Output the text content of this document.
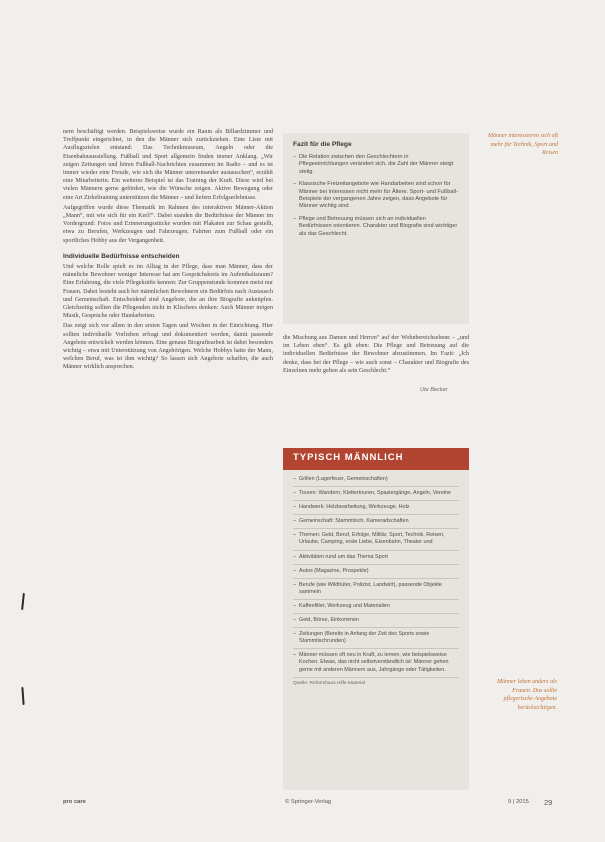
nern beschäftigt werden. Beispielsweise wurde ein Raum als Billardzimmer und Treffpunkt eingerichtet, in den die Männer sich zurückziehen. Eine Liste mit Ausflugszielen entstand: Das Technikmuseum, Angeln oder die Eisenbahnausstellung. Fußball und Sport allgemein finden immer Anklang. „Wir zeigen Zeitungen und hören Fußball-Nachrichten zusammen im Radio – und es ist immer wieder eine Freude, wie sich die Männer untereinander austauschen“, erzählt eine Mitarbeiterin. Ein weiteres Beispiel ist das Training der Kraft. Diese wird bei vielen Männern gerne gefördert, wie die Wünsche zeigen. Aktive Bewegung oder eine Art Zirkeltraining unterstützen die Männer – und liefern Erfolgserlebnisse.

Aufgegriffen wurde diese Thematik im Rahmen des interaktiven Männer-Aktion „Mann“, mit wie sich für ein Kerl!“. Dabei standen die Bedürfnisse der Männer im Vordergrund: Fotos und Erinnerungsstücke wurden mit Plakaten zur Schau gestellt, etwa zu Berufen, Werkzeugen und Fahrzeugen. Fahrten zum Fußball oder ein sportliches Hobby aus der Vergangenheit.

Individuelle Bedürfnisse entscheiden

Und welche Rolle spielt es im Alltag in der Pflege, dass man Männer, dass der männliche Bewohner weniger Interesse hat am Gesprächskreis im Aufenthaltsraum? Eine Erfahrung, die viele Pflegekräfte kennen: Zur Gruppenstunde kommen meist nur Frauen. Dabei besteht auch bei männlichen Bewohnern ein Bedürfnis nach Austausch und Gemeinschaft. Entscheidend sind Angebote, die an ihre Biografie anknüpfen. Gleichzeitig sollten die Pflegenden nicht in Klischees denken: Auch Männer mögen Musik, Gespräche oder Handarbeiten.

Das zeigt sich vor allem in den ersten Tagen und Wochen in der Einrichtung. Hier sollten individuelle Vorlieben erfragt und dokumentiert werden, damit passende Angebote entwickelt werden können. Eine genaue Biografiearbeit ist dabei besonders wichtig – etwa mit Unterstützung von Angehörigen. Welche Hobbys hatte der Mann, welchen Beruf, was ist ihm wichtig? So lassen sich Angebote schaffen, die auch Männer wirklich ansprechen.

Fazit für die Pflege
– Die Relation zwischen den Geschlechtern in Pflegeeinrichtungen verändert sich, die Zahl der Männer steigt stetig.
– Klassische Freizeitangebote wie Handarbeiten sind schon für Männer bei Interessen nicht mehr für Ältere. Sport- und Fußball-Beispiele der vergangenen Jahre zeigen, dass Angebote für Männer wichtig sind.
– Pflege und Betreuung müssen sich an individuellen Bedürfnissen orientieren. Charakter und Biografie sind wichtiger als das Geschlecht.

die Mischung aus Damen und Herren“ auf der Wohnbereichsebene – „und im Leben eben“. Es gilt eben: Die Pflege und Betreuung auf die individuellen Bedürfnisse der Bewohner abzustimmen. Im Fazit: „Ich denke, dass bei der Pflege – wie auch sonst – Charakter und Biografie des Einzelnen mehr gelten als sein Geschlecht.“

Ute Becker
TYPISCH MÄNNLICH
– Grillen (Lagerfeuer, Gemeinschaften)
– Touren: Wandern, Klettertouren, Spaziergänge, Angeln, Vereine
– Handwerk: Holzbearbeitung, Werkzeuge, Holz
– Gemeinschaft: Stammtisch, Kameradschaften
– Themen: Geld, Beruf, Erfolge, Militär, Sport, Technik, Reisen, Urlaube, Camping, erste Liebe, Eisenbahn, Theater und
– Aktivitäten rund um das Thema Sport
– Autos (Magazine, Prospekte)
– Berufe (wie Wildhüter, Polizist, Landwirt), passende Objekte sammeln
– Kaffeefilter, Werkzeug und Materialien
– Geld, Börse, Einkommen
– Zeitungen (Bereits in Anfang der Zeit des Sports sowie Stammtischrunden)
– Männer müssen oft neu in Kraft, zu lernen, wie beispielsweise Kochen. Etwas, das nicht selbstverständlich ist: Männer gehen gerne mit anderen Männern aus, Jahrgänge oder Tätigkeiten.
Quelle: Reformhaus Hilfe Material
Männer interessieren sich oft mehr für Technik, Sport und Reisen
Männer leben anders als Frauen. Das sollte pflegerische Angebote berücksichtigen.
pro care	© Springer-Verlag	9 | 2015 29
